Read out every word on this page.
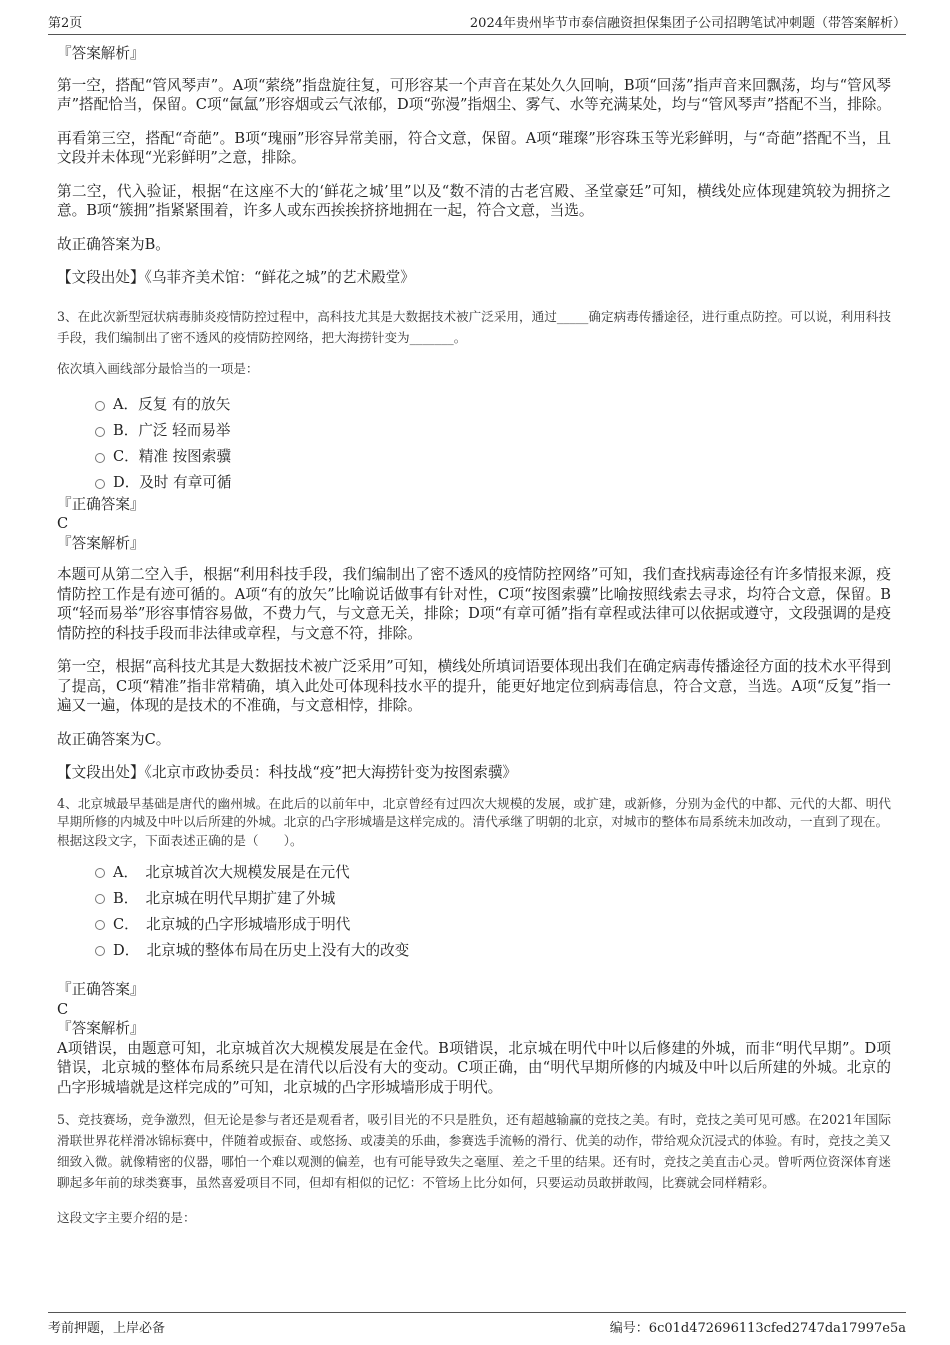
第2页	2024年贵州毕节市泰信融资担保集团子公司招聘笔试冲刺题（带答案解析）

『答案解析』

第一空，搭配“管风琴声”。A项“萦绕”指盘旋往复，可形容某一个声音在某处久久回响，B项“回荡”指声音来回飘荡，均与“管风琴声”搭配恰当，保留。C项“氤氲”形容烟或云气浓郁，D项“弥漫”指烟尘、雾气、水等充满某处，均与“管风琴声”搭配不当，排除。

再看第三空，搭配“奇葩”。B项“瑰丽”形容异常美丽，符合文意，保留。A项“璀璨”形容珠玉等光彩鲜明，与“奇葩”搭配不当，且文段并未体现“光彩鲜明”之意，排除。

第二空，代入验证，根据“在这座不大的‘鲜花之城’里”以及“数不清的古老宫殿、圣堂豪廷”可知，横线处应体现建筑较为拥挤之意。B项“簇拥”指紧紧围着，许多人或东西挨挨挤挤地拥在一起，符合文意，当选。

故正确答案为B。

【文段出处】《乌菲齐美术馆：“鲜花之城”的艺术殿堂》

3、在此次新型冠状病毒肺炎疫情防控过程中，高科技尤其是大数据技术被广泛采用，通过_____确定病毒传播途径，进行重点防控。可以说，利用科技手段，我们编制出了密不透风的疫情防控网络，把大海捞针变为_______。

依次填入画线部分最恰当的一项是：

A．反复 有的放矢
B．广泛 轻而易举
C．精准 按图索骥
D．及时 有章可循

『正确答案』

C

『答案解析』

本题可从第二空入手，根据“利用科技手段，我们编制出了密不透风的疫情防控网络”可知，我们查找病毒途径有许多情报来源，疫情防控工作是有迹可循的。A项“有的放矢”比喻说话做事有针对性，C项“按图索骥”比喻按照线索去寻求，均符合文意，保留。B项“轻而易举”形容事情容易做，不费力气，与文意无关，排除；D项“有章可循”指有章程或法律可以依据或遵守，文段强调的是疫情防控的科技手段而非法律或章程，与文意不符，排除。

第一空，根据“高科技尤其是大数据技术被广泛采用”可知，横线处所填词语要体现出我们在确定病毒传播途径方面的技术水平得到了提高，C项“精准”指非常精确，填入此处可体现科技水平的提升，能更好地定位到病毒信息，符合文意，当选。A项“反复”指一遍又一遍，体现的是技术的不准确，与文意相悖，排除。

故正确答案为C。

【文段出处】《北京市政协委员：科技战“疫”把大海捞针变为按图索骥》

4、北京城最早基础是唐代的幽州城。在此后的以前年中，北京曾经有过四次大规模的发展，或扩建，或新修，分别为金代的中都、元代的大都、明代早期所修的内城及中叶以后所建的外城。北京的凸字形城墙是这样完成的。清代承继了明朝的北京，对城市的整体布局系统未加改动，一直到了现在。

根据这段文字，下面表述正确的是（　　）。

A．　北京城首次大规模发展是在元代
B．　北京城在明代早期扩建了外城
C．　北京城的凸字形城墙形成于明代
D．　北京城的整体布局在历史上没有大的改变

『正确答案』

C

『答案解析』

A项错误，由题意可知，北京城首次大规模发展是在金代。B项错误，北京城在明代中叶以后修建的外城，而非“明代早期”。D项错误，北京城的整体布局系统只是在清代以后没有大的变动。C项正确，由“明代早期所修的内城及中叶以后所建的外城。北京的凸字形城墙就是这样完成的”可知，北京城的凸字形城墙形成于明代。

5、竞技赛场，竞争激烈，但无论是参与者还是观看者，吸引目光的不只是胜负，还有超越输赢的竞技之美。有时，竞技之美可见可感。在2021年国际滑联世界花样滑冰锦标赛中，伴随着或振奋、或悠扬、或凄美的乐曲，参赛选手流畅的滑行、优美的动作，带给观众沉浸式的体验。有时，竞技之美又细致入微。就像精密的仪器，哪怕一个难以观测的偏差，也有可能导致失之毫厘、差之千里的结果。还有时，竞技之美直击心灵。曾听两位资深体育迷聊起多年前的球类赛事，虽然喜爱项目不同，但却有相似的记忆：不管场上比分如何，只要运动员敢拼敢闯，比赛就会同样精彩。

这段文字主要介绍的是：

考前押题，上岸必备	编号：6c01d472696113cfed2747da17997e5a
